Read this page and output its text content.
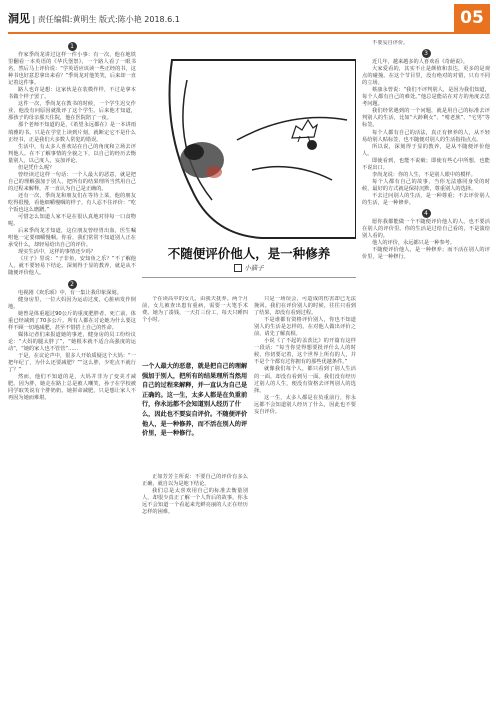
洞见 | 责任编辑:黄明生 版式:陈小艳 2018.6.1	05
1

作家季尚龙讲过这样一件小事：有一次，他在地铁里翻看一本英语的《华氏堡祭》，一个路人看了一眼书名，然后马上评价说：“学英语应该读一些正经的书，这种书也好意思拿出来看？”季尚龙对他笑笑，后来却一直记着这件事。

路人也许是想：这家伙是在装模作样，不过是拿本书做个样子罢了。

这件一次，季尚龙在教书的时候，一个学生迟交作业，他没有问原因就批评了这个学生。后来他才知道，那孩子的母亲那天住院，他在医院陪了一夜。

那个老师不知道的是，《希望永远都在》是一本讲雨填雅的书。只是在学堂上读到片刻，就断定它不是什么正经书，正是我们大多数人常犯的错误。

生活中，有太多人喜欢站在自己的角度和立场去评判他人。在不了解事情的全貌之下，以自己的经历去衡量别人，以己度人，妄加评论。

但是凭什么呢？

曾经读过这样一句话：一个人最大的恶意，就是把自己的理解强加于别人，把所有的结果理所当然用自己的过程来解释，并一直认为自己是正确的。

还有一次，季尚龙和朋友们在等待上菜，他的朋友吃得很慢，看他细嚼慢咽的样子，有人忍不住评价：“吃个饭也这么磨蹭。”

可惜怎么知道人家不是在很认真地对待每一口食物呢。

后来季尚龙才知道，这位朋友曾经胃出血，医生嘱咐他一定要细嚼慢咽。你看，我们常常不知道别人正在承受什么，却轻易给出自己的评价。

现实生活中，这样的事情还少吗？

《庄子》里说：“子非鱼，安知鱼之乐？”不了解他人，就不要轻易下结论。深刻得于显的教养，就是从不随便评价他人。

2

电视剧《欢乐颂》中，有一集让我印象深刻。

健身房里，一位大妈因为运动过度，心脏病发作倒地。

她曾是体重超过90公斤的重度肥胖者，死亡前，体重已经减到了70多公斤。所有人都在讨论她为什么要这样不顾一切地减肥，甚至不惜搭上自己的性命。

媒体记者们来报道她的事迹，健身房的员工纷纷议论：“大妈的腿太胖了”，“她根本就不适合高强度的运动”，“她的家人也不管管”……

于是，在议论声中，很多人开始质疑这个大妈：“一把年纪了，为什么还要减肥？”“这么胖，少吃点不就行了？”

然而，他们不知道的是，大妈并非为了变美才减肥。因为胖，她走在路上总是被人嘲笑，孙子在学校被同学取笑说有个胖奶奶。她拼命减肥，只是想让家人不再因为她而难堪。

不随便评价他人，是一种修养
小猫子

个在读高中的女儿，由我夫抚养。两个月前，女儿被查出患有重病，需要一大笔手术费。她为了凑钱，一天打三份工，每天只睡四个小时。

正如芳芳主所说：不要自己的评价有多么正确，就自以为是地下结论。

我们总是太喜欢用自己的标准去衡量别人，却很少真正了解一个人背后的故事。你永远不会知道一个看起来光鲜亮丽的人正在经历怎样的困难。

一个人最大的恶意，就是把自己的理解强加于别人，把所有的结果理所当然用自己的过程来解释，并一直认为自己是正确的。这一生，太多人都是在负重前行，你永远都不会知道别人经历了什么，因此也不要妄自评价。不随便评价他人，是一种修养，而不活在别人的评价里，是一种修行。

只是一场误会，可造成的伤害却已无法挽回。我们在评价别人的时候，往往只看到了结果，却没有看到过程。

不是谁都有资格评价别人，你也不知道别人的生活是怎样的。在对他人做出评价之前，请先了解真相。

小说《了不起的盖茨比》的开篇有这样一段话：“每当你觉得想要批评什么人的时候，你切要记着，这个世界上所有的人，并不是个个都有过你拥有的那些优越条件。”

就像我们每个人，都只看到了别人生活的一面，却没有看到另一面。我们没有经历过别人的人生，便没有资格去评判别人的选择。

这一生，太多人都是在负重前行，你永远都不会知道别人经历了什么，因此也不要妄自评价。

不要妄自评价。

3

近几年，越来越多的人喜欢看《奇葩说》。

大家爱看的，其实不止是颜值和表达，更多的是观点的碰撞。在这个节目里，没有绝对的对错，只有不同的立场。

蔡康永曾说：“我们不评判别人，是因为我们知道，每个人都有自己的难处。”他总是能站在对方的角度去思考问题。

我们经常遇到的一个问题，就是用自己的标准去评判别人的生活，比如“大龄剩女”、“啃老族”、“宅男”等标签。

每个人都有自己的活法，真正有修养的人，从不轻易给别人贴标签，也不随便对别人的生活指指点点。

所以说，深刻得于显的教养，是从不随便评价他人。

即使看到，也能不说破；即使有些心中所想，也能不说出口。

李尚龙说：你的人生，不是别人眼中的模样。

每个人都有自己的故事，当你无法感同身受的时候，最好的方式就是保持沉默，尊重别人的选择。

不去过问别人的生活，是一种尊重；不去评价别人的生活，是一种修养。

4

愿你我都能做一个不随便评价他人的人，也不要活在别人的评价里。你的生活是过给自己看的，不是演给别人看的。

他人的评价，永远都只是一种参考。

不随便评价他人，是一种修养；而不活在别人的评价里，是一种修行。
